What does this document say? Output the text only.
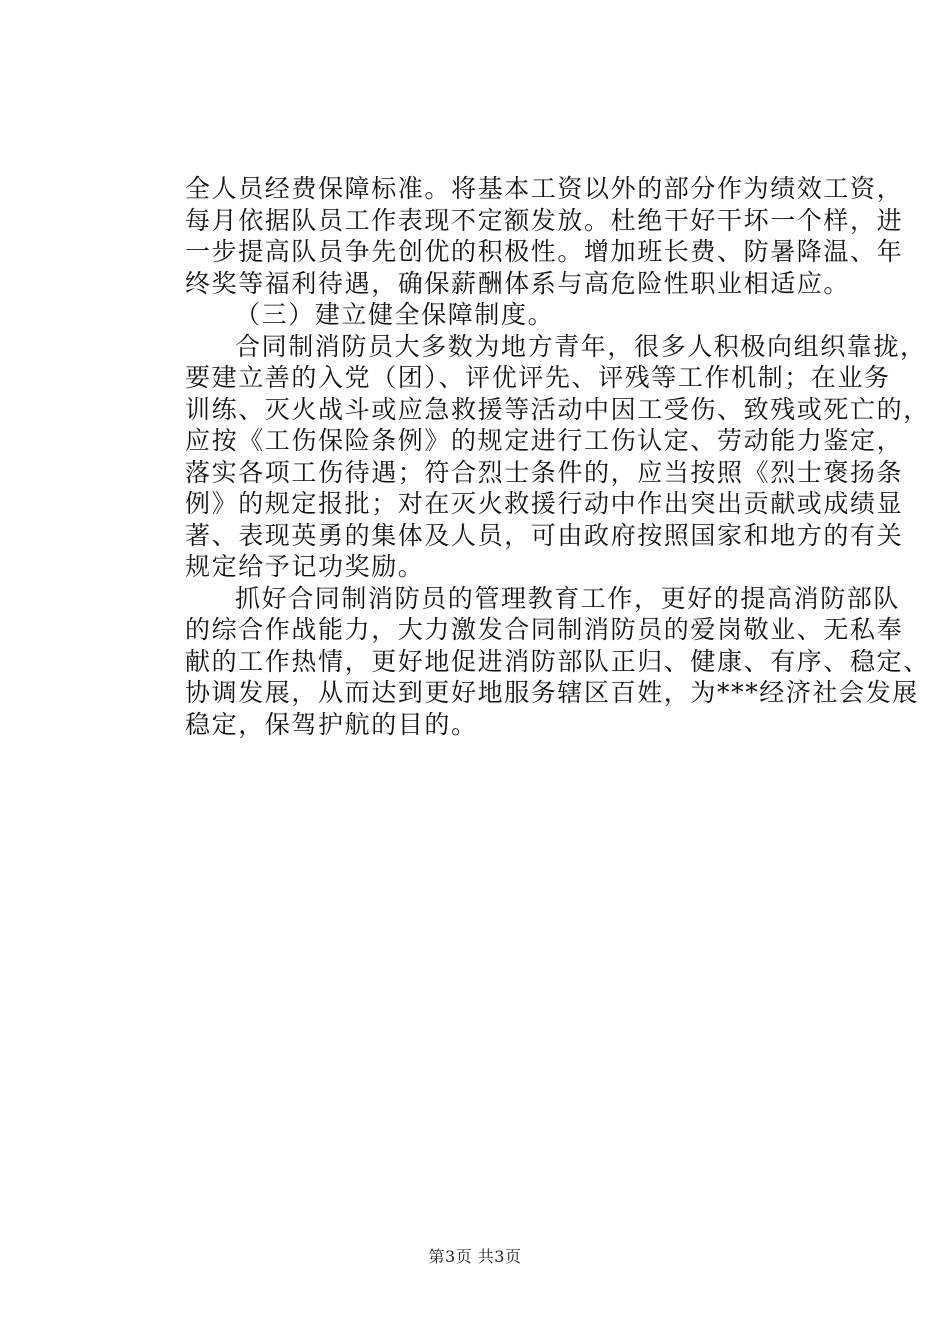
全人员经费保障标准。将基本工资以外的部分作为绩效工资，
每月依据队员工作表现不定额发放。杜绝干好干坏一个样，进
一步提高队员争先创优的积极性。增加班长费、防暑降温、年
终奖等福利待遇，确保薪酬体系与高危险性职业相适应。
（三）建立健全保障制度。
合同制消防员大多数为地方青年，很多人积极向组织靠拢，
要建立善的入党（团）、评优评先、评残等工作机制；在业务
训练、灭火战斗或应急救援等活动中因工受伤、致残或死亡的，
应按《工伤保险条例》的规定进行工伤认定、劳动能力鉴定，
落实各项工伤待遇；符合烈士条件的，应当按照《烈士褒扬条
例》的规定报批；对在灭火救援行动中作出突出贡献或成绩显
著、表现英勇的集体及人员，可由政府按照国家和地方的有关
规定给予记功奖励。
抓好合同制消防员的管理教育工作，更好的提高消防部队
的综合作战能力，大力激发合同制消防员的爱岗敬业、无私奉
献的工作热情，更好地促进消防部队正归、健康、有序、稳定、
协调发展，从而达到更好地服务辖区百姓，为***经济社会发展
稳定，保驾护航的目的。
第3页 共3页
